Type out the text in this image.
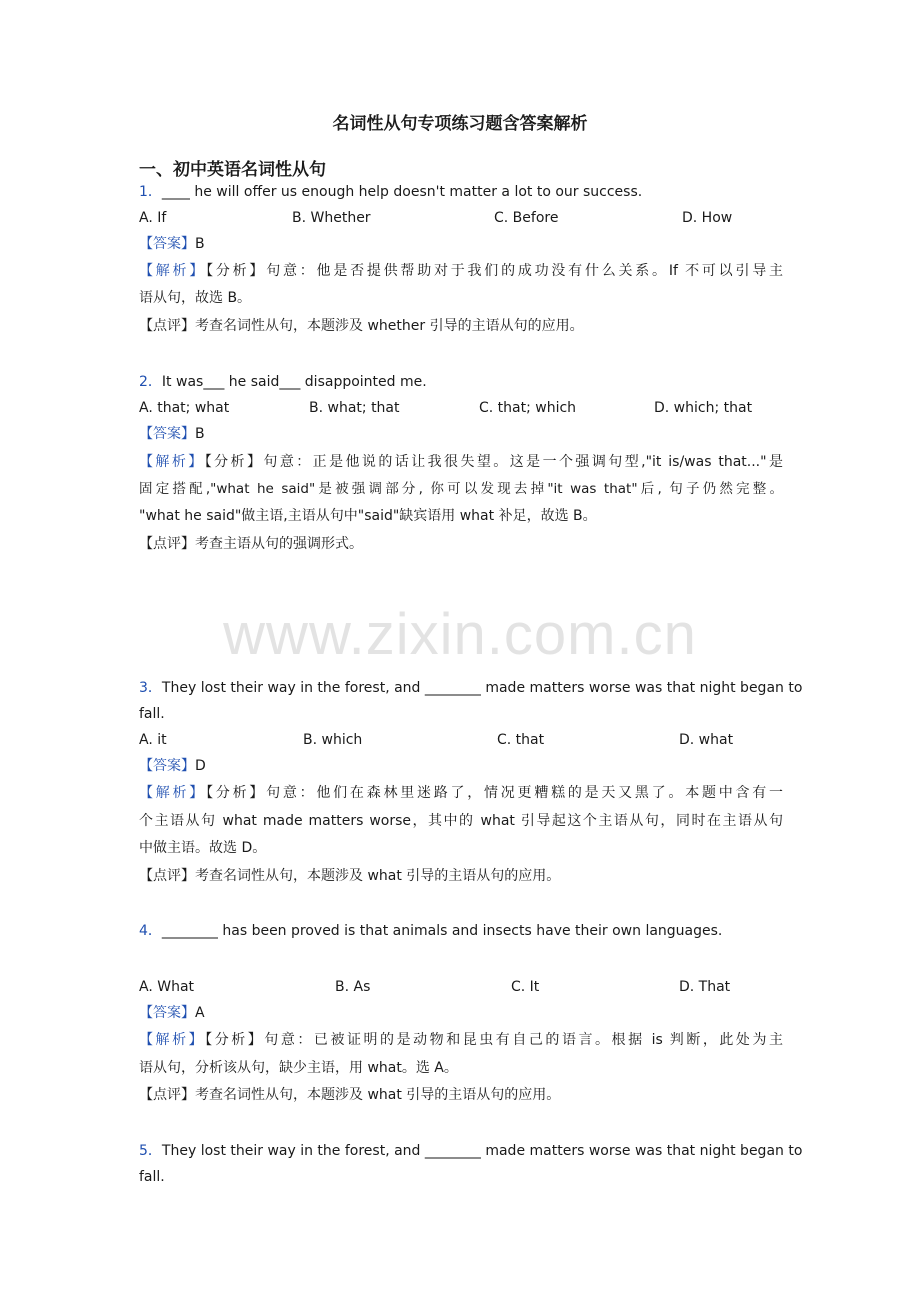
名词性从句专项练习题含答案解析
一、初中英语名词性从句
1．____ he will offer us enough help doesn't matter a lot to our success.
A. If	B. Whether	C. Before	D. How
【答案】B
【解析】【分析】句意：他是否提供帮助对于我们的成功没有什么关系。If 不可以引导主
语从句，故选 B。
【点评】考查名词性从句，本题涉及 whether 引导的主语从句的应用。
2．It was___ he said___ disappointed me.
A. that; what	B. what; that	C. that; which	D. which; that
【答案】B
【解析】【分析】句意：正是他说的话让我很失望。这是一个强调句型,"it is/was that..."是
固定搭配,"what he said"是被强调部分, 你可以发现去掉"it was that"后, 句子仍然完整。
"what he said"做主语,主语从句中"said"缺宾语用 what 补足，故选 B。
【点评】考查主语从句的强调形式。
www.zixin.com.cn
3．They lost their way in the forest, and ________ made matters worse was that night began to
fall.
A. it	B. which	C. that	D. what
【答案】D
【解析】【分析】句意：他们在森林里迷路了，情况更糟糕的是天又黑了。本题中含有一
个主语从句 what made matters worse，其中的 what 引导起这个主语从句，同时在主语从句
中做主语。故选 D。
【点评】考查名词性从句，本题涉及 what 引导的主语从句的应用。
4．________ has been proved is that animals and insects have their own languages.
A. What	B. As	C. It	D. That
【答案】A
【解析】【分析】句意：已被证明的是动物和昆虫有自己的语言。根据 is 判断，此处为主
语从句，分析该从句，缺少主语，用 what。选 A。
【点评】考查名词性从句，本题涉及 what 引导的主语从句的应用。
5．They lost their way in the forest, and ________ made matters worse was that night began to
fall.
